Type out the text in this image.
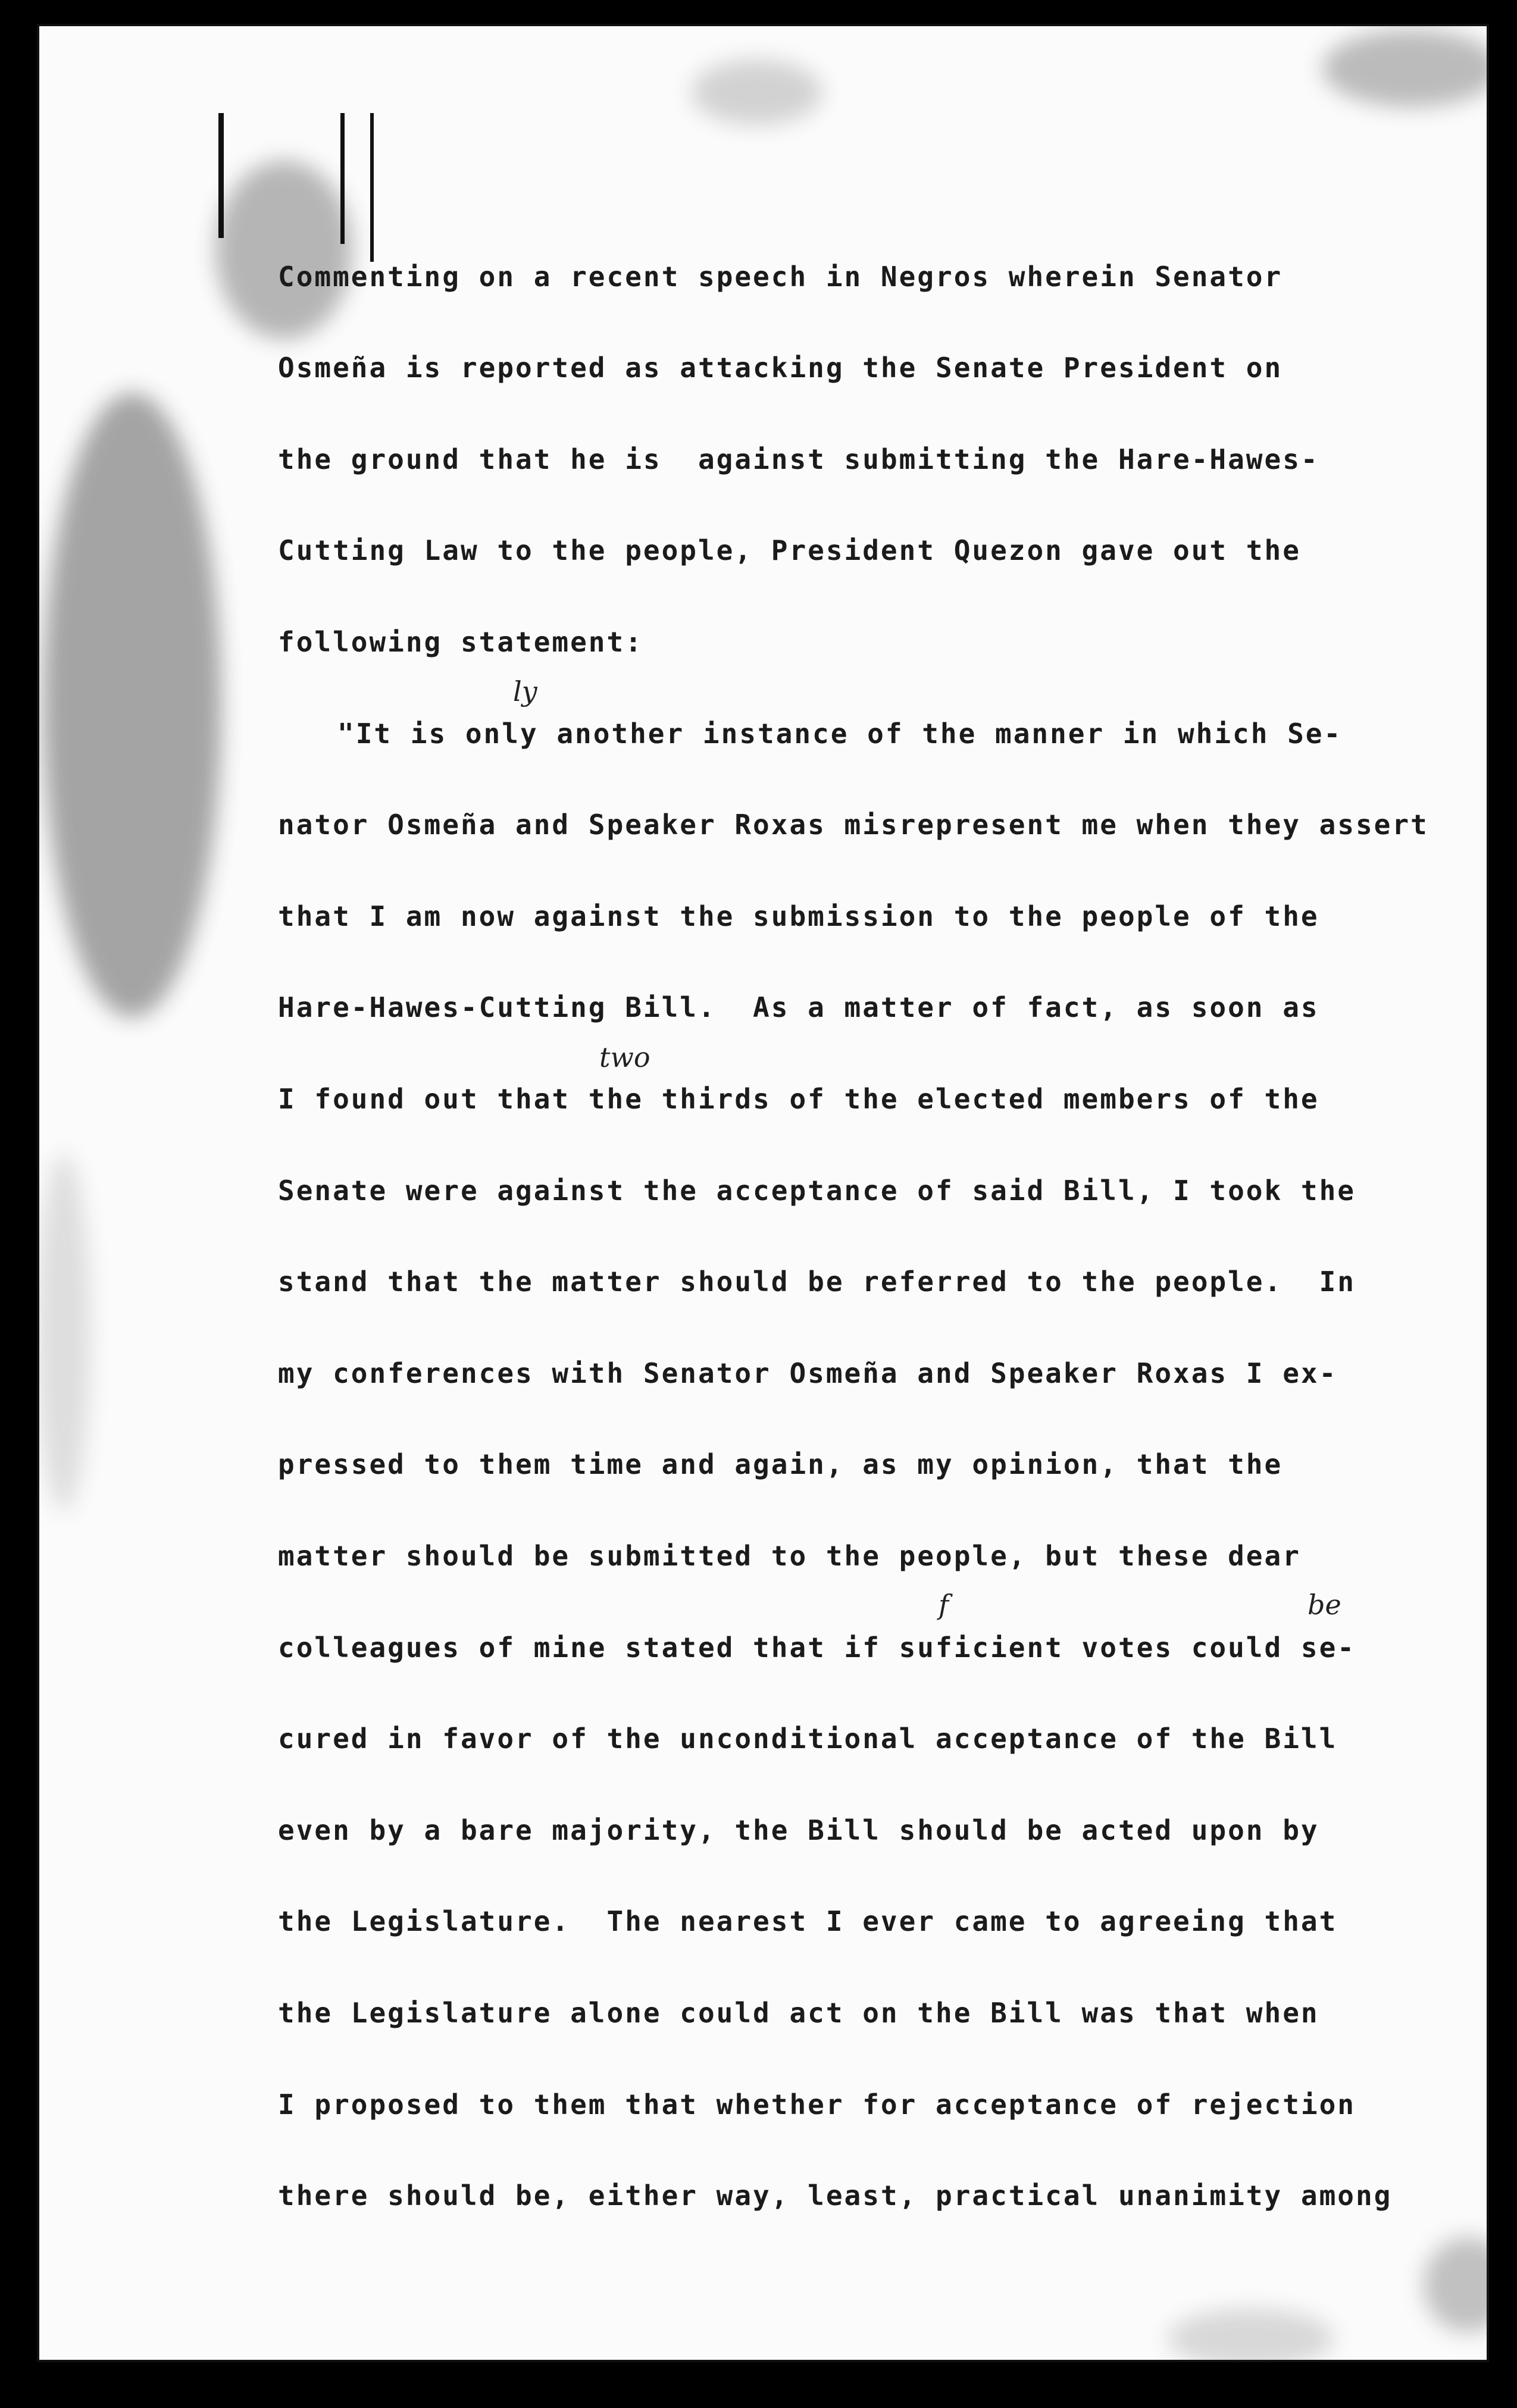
Commenting on a recent speech in Negros wherein Senator
Osmeña is reported as attacking the Senate President on
the ground that he is  against submitting the Hare-Hawes-
Cutting Law to the people, President Quezon gave out the
following statement:
"It is only another instance of the manner in which Se-
nator Osmeña and Speaker Roxas misrepresent me when they assert
that I am now against the submission to the people of the
Hare-Hawes-Cutting Bill.  As a matter of fact, as soon as
I found out that the thirds of the elected members of the
Senate were against the acceptance of said Bill, I took the
stand that the matter should be referred to the people.  In
my conferences with Senator Osmeña and Speaker Roxas I ex-
pressed to them time and again, as my opinion, that the
matter should be submitted to the people, but these dear
colleagues of mine stated that if suficient votes could se-
cured in favor of the unconditional acceptance of the Bill
even by a bare majority, the Bill should be acted upon by
the Legislature.  The nearest I ever came to agreeing that
the Legislature alone could act on the Bill was that when
I proposed to them that whether for acceptance of rejection
there should be, either way, least, practical unanimity among
ly
two
f	be
